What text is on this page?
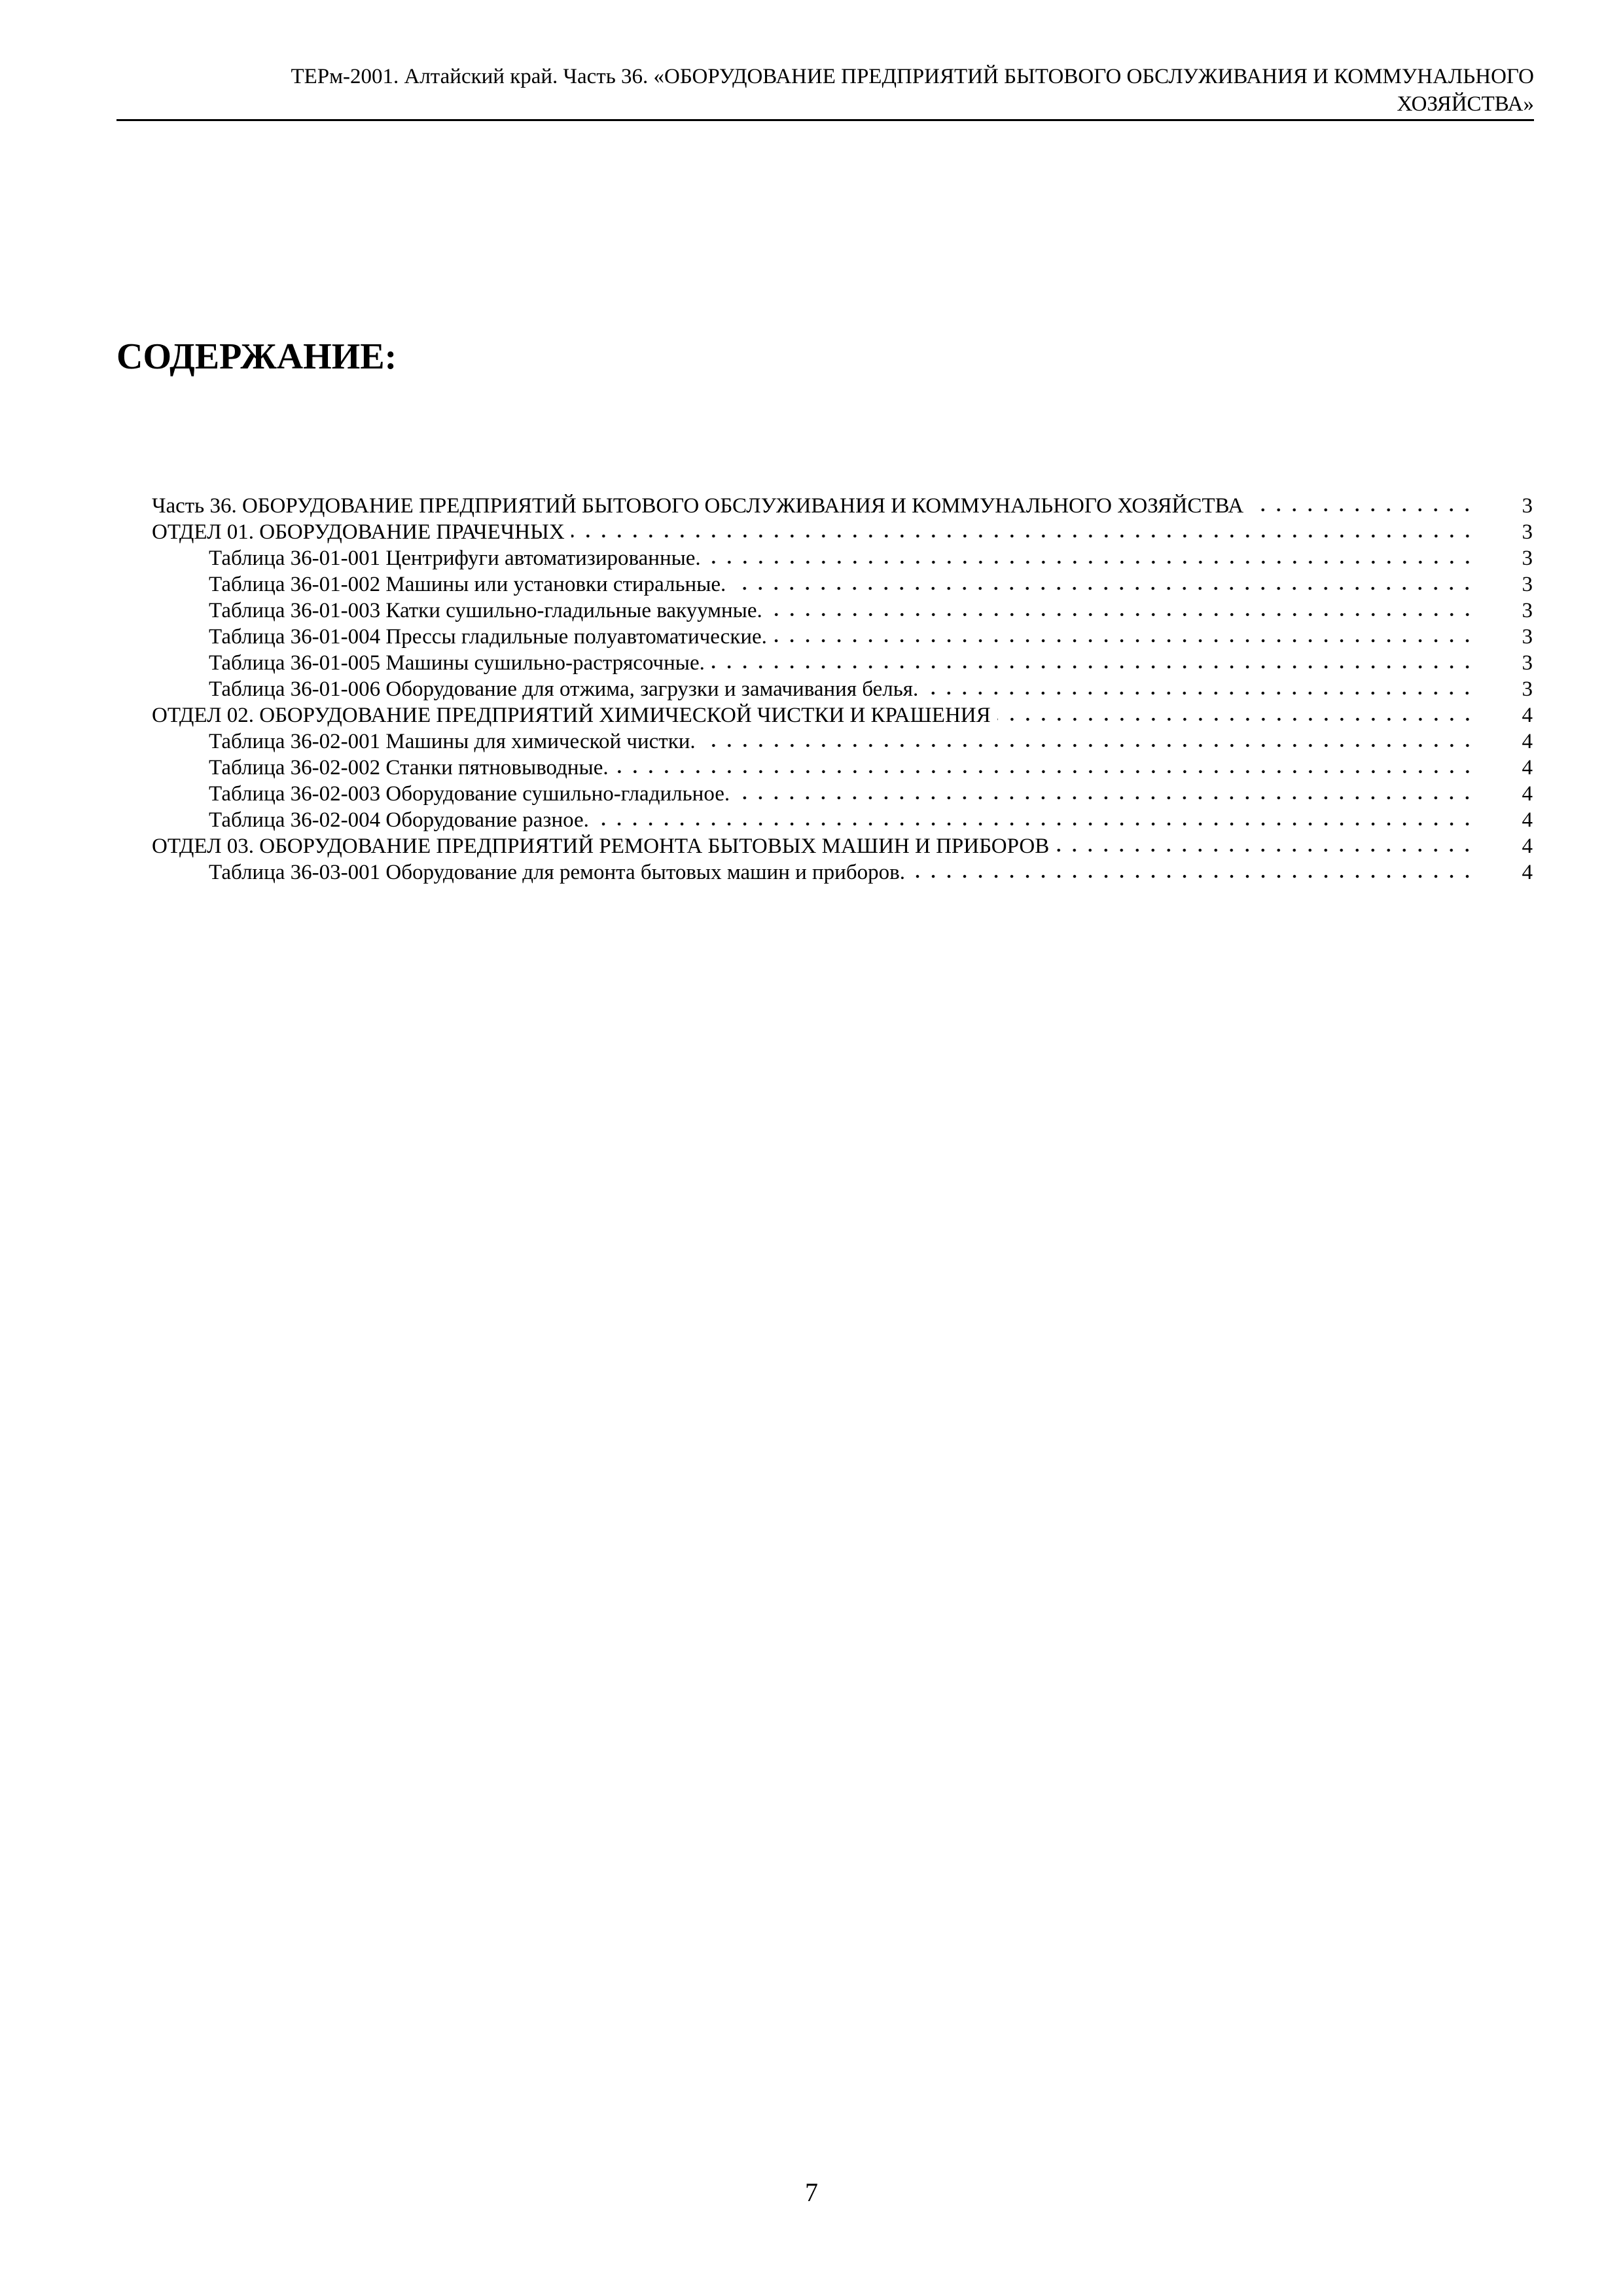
ТЕРм-2001. Алтайский край. Часть 36. «ОБОРУДОВАНИЕ ПРЕДПРИЯТИЙ БЫТОВОГО ОБСЛУЖИВАНИЯ И КОММУНАЛЬНОГО
ХОЗЯЙСТВА»
СОДЕРЖАНИЕ:
Часть 36. ОБОРУДОВАНИЕ ПРЕДПРИЯТИЙ БЫТОВОГО ОБСЛУЖИВАНИЯ И КОММУНАЛЬНОГО ХОЗЯЙСТВА	3
ОТДЕЛ 01. ОБОРУДОВАНИЕ ПРАЧЕЧНЫХ	3
Таблица 36-01-001 Центрифуги автоматизированные.	3
Таблица 36-01-002 Машины или установки стиральные.	3
Таблица 36-01-003 Катки сушильно-гладильные вакуумные.	3
Таблица 36-01-004 Прессы гладильные полуавтоматические.	3
Таблица 36-01-005 Машины сушильно-растрясочные.	3
Таблица 36-01-006 Оборудование для отжима, загрузки и замачивания белья.	3
ОТДЕЛ 02. ОБОРУДОВАНИЕ ПРЕДПРИЯТИЙ ХИМИЧЕСКОЙ ЧИСТКИ И КРАШЕНИЯ	4
Таблица 36-02-001 Машины для химической чистки.	4
Таблица 36-02-002 Станки пятновыводные.	4
Таблица 36-02-003 Оборудование сушильно-гладильное.	4
Таблица 36-02-004 Оборудование разное.	4
ОТДЕЛ 03. ОБОРУДОВАНИЕ ПРЕДПРИЯТИЙ РЕМОНТА БЫТОВЫХ МАШИН И ПРИБОРОВ	4
Таблица 36-03-001 Оборудование для ремонта бытовых машин и приборов.	4
7
